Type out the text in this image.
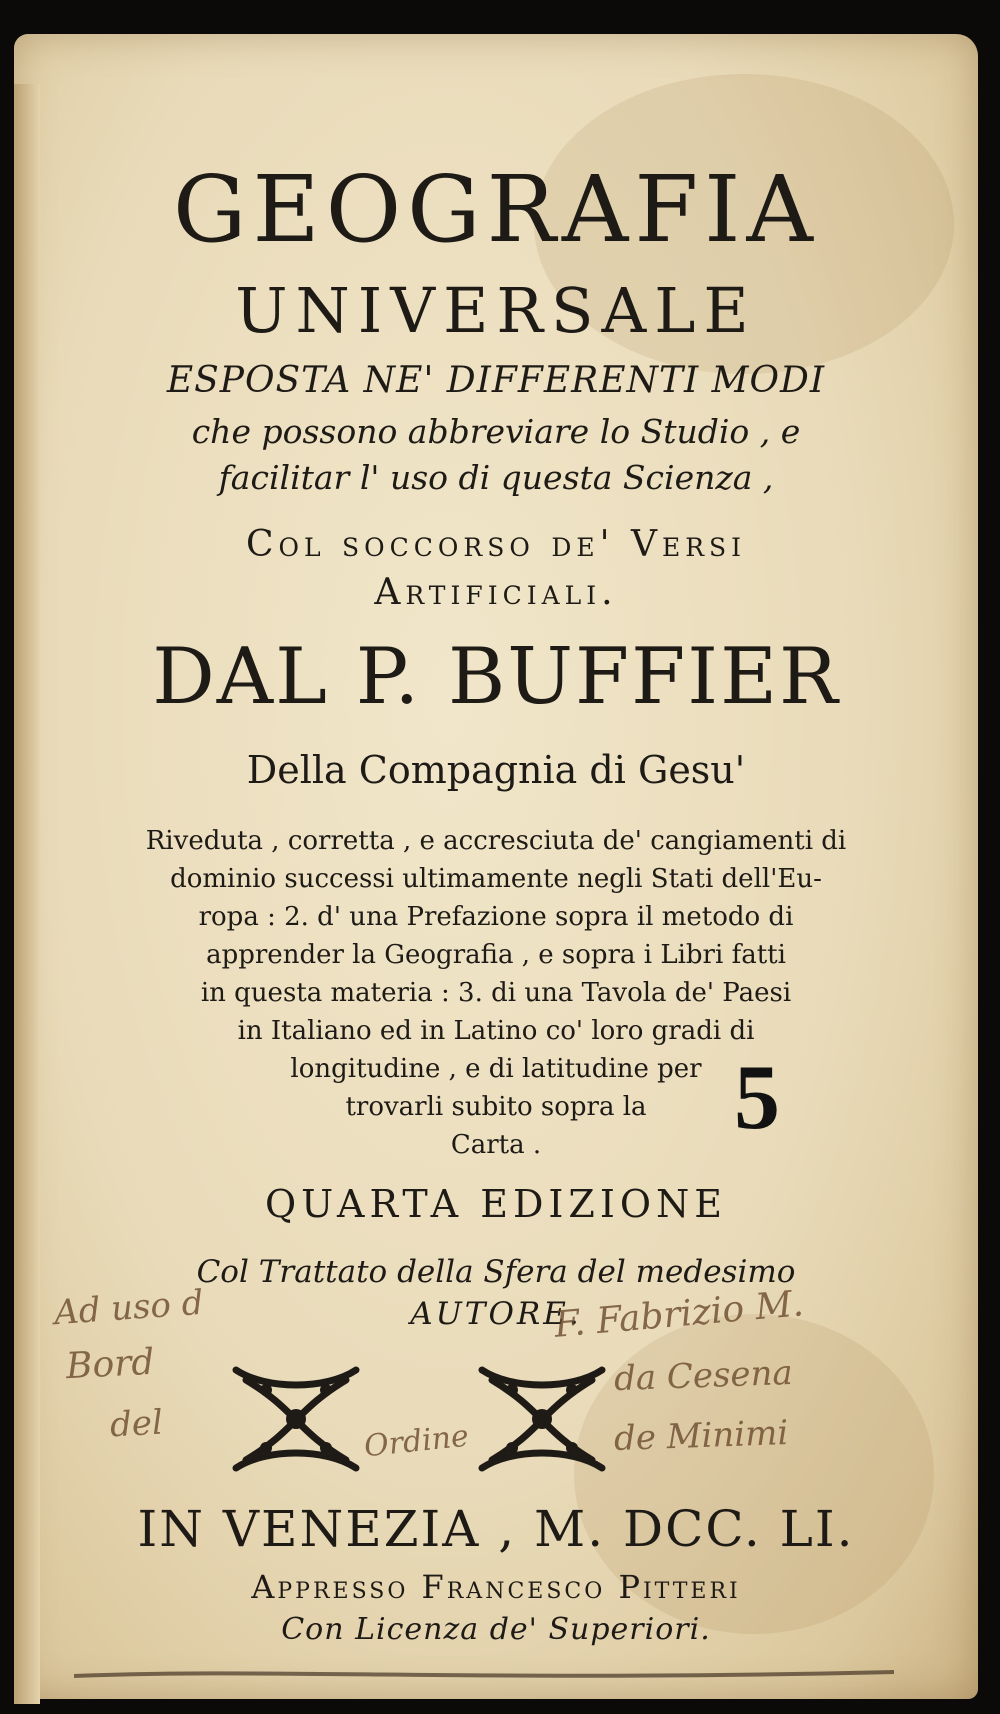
GEOGRAFIA
UNIVERSALE
ESPOSTA NE' DIFFERENTI MODI
che possono abbreviare lo Studio , e
facilitar l' uso di questa Scienza ,
Col soccorso de' Versi
Artificiali.
DAL P. BUFFIER
Della Compagnia di Gesu'
Riveduta , corretta , e accresciuta de' cangiamenti di
dominio successi ultimamente negli Stati dell'Eu-
ropa : 2. d' una Prefazione sopra il metodo di
apprender la Geografia , e sopra i Libri fatti
in questa materia : 3. di una Tavola de' Paesi
in Italiano ed in Latino co' loro gradi di
longitudine , e di latitudine per
trovarli subito sopra la
Carta .
QUARTA EDIZIONE
Col Trattato della Sfera del medesimo
AUTORE.
Ad uso d
Bord
del	Ordine
F. Fabrizio M.
da Cesena
de Minimi
5
IN VENEZIA , M. DCC. LI.
Appresso Francesco Pitteri
Con Licenza de' Superiori.
